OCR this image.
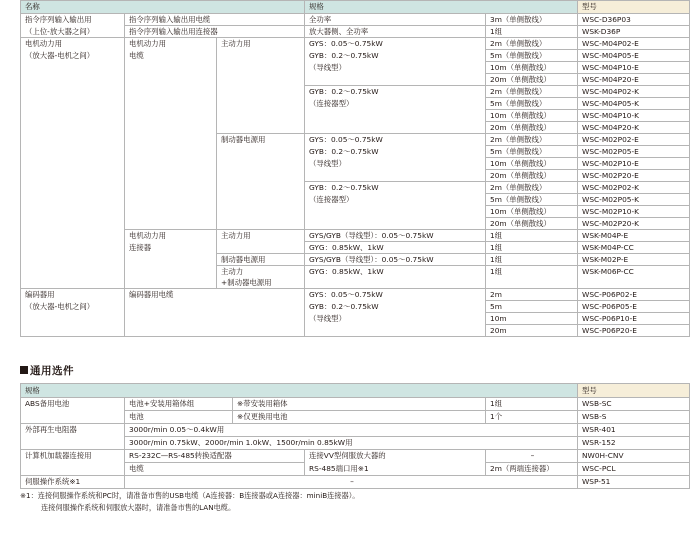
名称			规格		型号
指令序列输入输出用	指令序列输入输出用电缆		全功率	3m（单侧散线）	WSC-D36P03
（上位-放大器之间）	指令序列输入输出用连接器		放大器侧、全功率	1组	WSK-D36P
电机动力用	电机动力用	主动力用	GYS：0.05～0.75kW	2m（单侧散线）	WSC-M04P02-E
（放大器-电机之间）	电缆		GYB：0.2～0.75kW	5m（单侧散线）	WSC-M04P05-E
			（导线型）	10m（单侧散线）	WSC-M04P10-E
				20m（单侧散线）	WSC-M04P20-E
			GYB：0.2～0.75kW	2m（单侧散线）	WSC-M04P02-K
			（连接器型）	5m（单侧散线）	WSC-M04P05-K
				10m（单侧散线）	WSC-M04P10-K
				20m（单侧散线）	WSC-M04P20-K
		制动器电源用	GYS：0.05～0.75kW	2m（单侧散线）	WSC-M02P02-E
			GYB：0.2～0.75kW	5m（单侧散线）	WSC-M02P05-E
			（导线型）	10m（单侧散线）	WSC-M02P10-E
				20m（单侧散线）	WSC-M02P20-E
			GYB：0.2～0.75kW	2m（单侧散线）	WSC-M02P02-K
			（连接器型）	5m（单侧散线）	WSC-M02P05-K
				10m（单侧散线）	WSC-M02P10-K
				20m（单侧散线）	WSC-M02P20-K
	电机动力用	主动力用	GYS/GYB（导线型）：0.05～0.75kW	1组	WSK-M04P-E
	连接器		GYG：0.85kW、1kW	1组	WSK-M04P-CC
		制动器电源用	GYS/GYB（导线型）：0.05～0.75kW	1组	WSK-M02P-E
		主动力	GYG：0.85kW、1kW	1组	WSK-M06P-CC
		+制动器电源用			
编码器用	编码器用电缆		GYS：0.05～0.75kW	2m	WSC-P06P02-E
（放大器-电机之间）			GYB：0.2～0.75kW	5m	WSC-P06P05-E
			（导线型）	10m	WSC-P06P10-E
				20m	WSC-P06P20-E
通用选件
规格					型号
ABS备用电池	电池+安装用箱体组	※带安装用箱体		1组	WSB-SC
	电池	※仅更换用电池		1个	WSB-S
外部再生电阻器	3000r/min 0.05～0.4kW用				WSR-401
	3000r/min 0.75kW、2000r/min 1.0kW、1500r/min 0.85kW用				WSR-152
计算机加载器连接用	RS-232C—RS-485转换适配器		连接VV型伺服放大器的	–	NW0H-CNV
	电缆		RS-485端口用※1	2m（两端连接器）	WSC-PCL
伺服操作系统※1	–				WSP-51
※1：连接伺服操作系统和PC时，请准备市售的USB电缆（A连接器：B连接器或A连接器：miniB连接器）。
连接伺服操作系统和伺服放大器时，请准备市售的LAN电缆。
